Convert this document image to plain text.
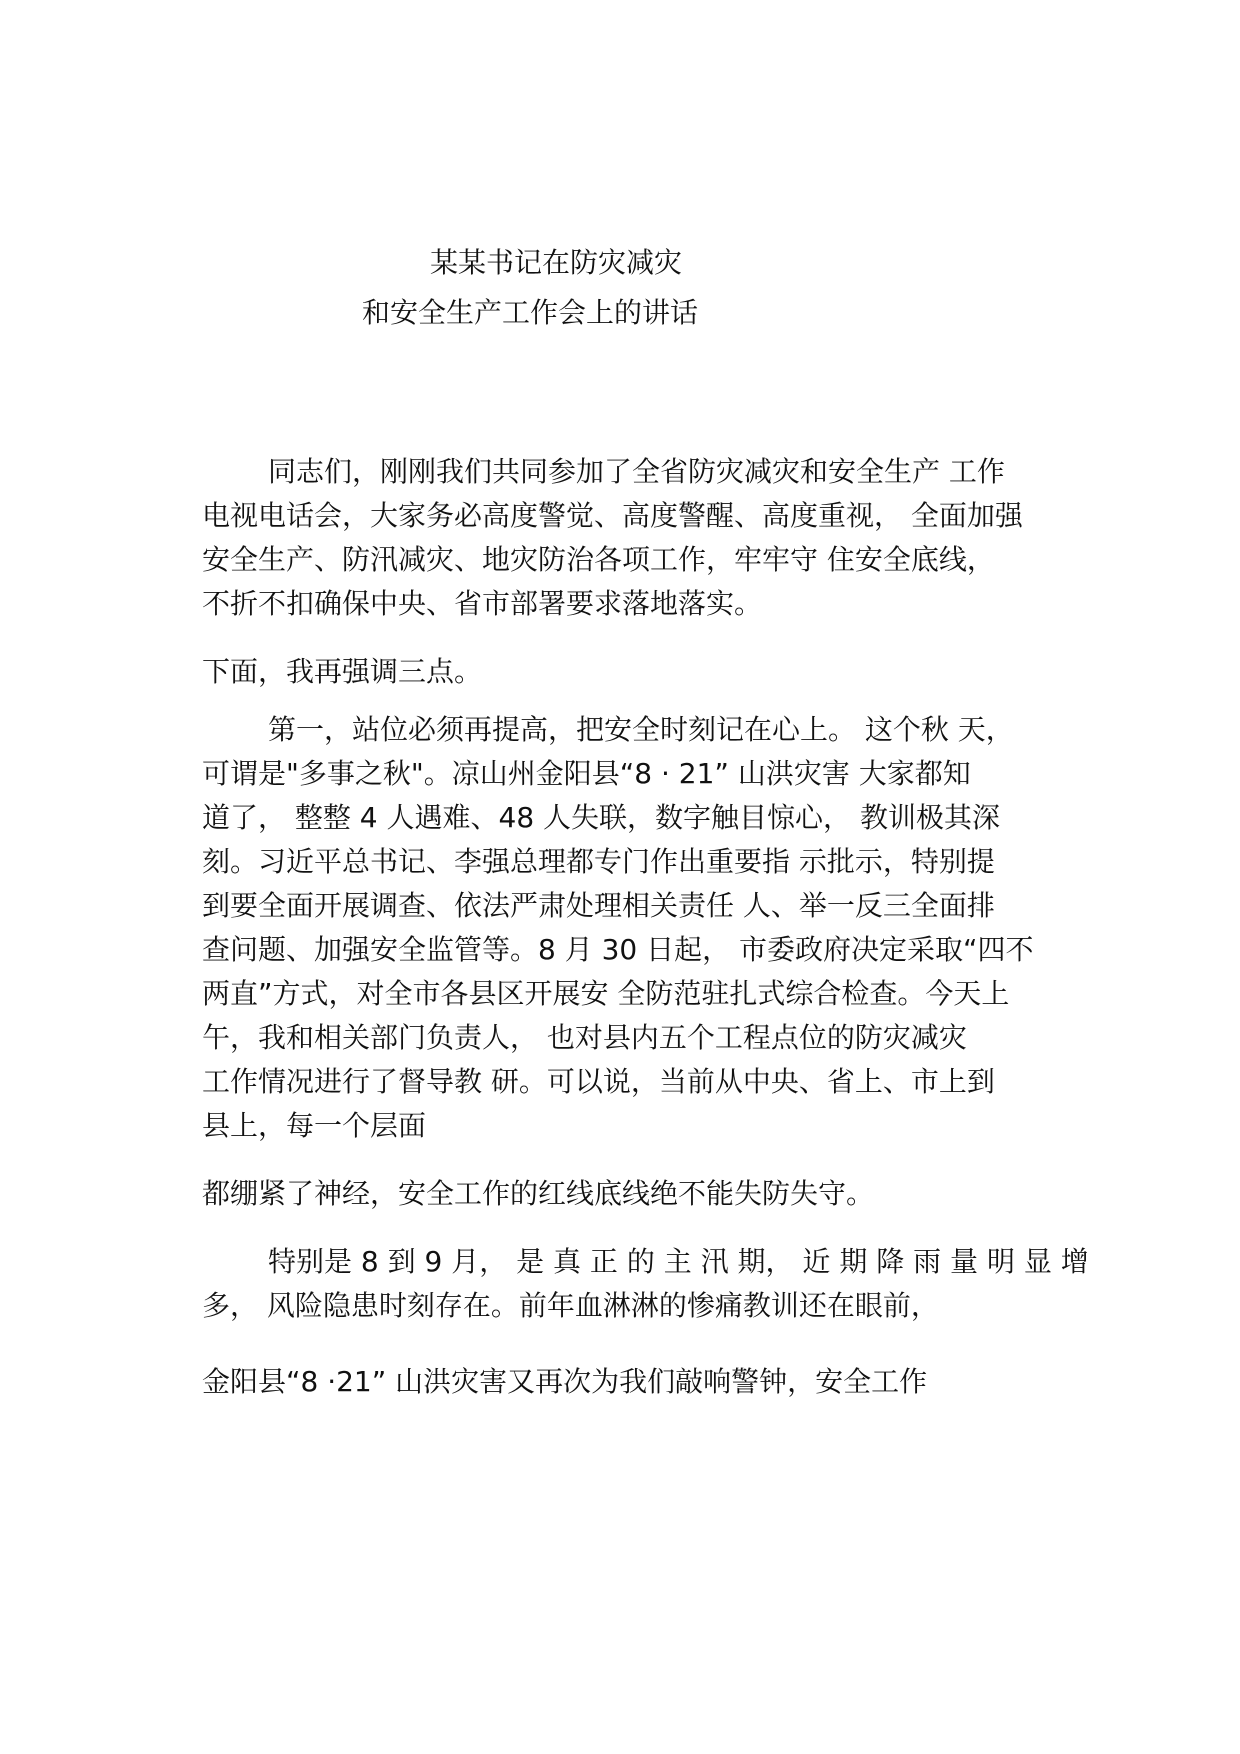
某某书记在防灾减灾
和安全生产工作会上的讲话
同志们，刚刚我们共同参加了全省防灾减灾和安全生产 工作
电视电话会，大家务必高度警觉、高度警醒、高度重视， 全面加强
安全生产、防汛减灾、地灾防治各项工作，牢牢守 住安全底线，
不折不扣确保中央、省市部署要求落地落实。
下面，我再强调三点。
第一，站位必须再提高，把安全时刻记在心上。 这个秋 天，
可谓是"多事之秋"。凉山州金阳县“8 · 21” 山洪灾害 大家都知
道了， 整整 4 人遇难、48 人失联，数字触目惊心， 教训极其深
刻。习近平总书记、李强总理都专门作出重要指 示批示，特别提
到要全面开展调查、依法严肃处理相关责任 人、举一反三全面排
查问题、加强安全监管等。8 月 30 日起， 市委政府决定采取“四不
两直”方式，对全市各县区开展安 全防范驻扎式综合检查。今天上
午，我和相关部门负责人， 也对县内五个工程点位的防灾减灾
工作情况进行了督导教 研。可以说，当前从中央、省上、市上到
县上，每一个层面
都绷紧了神经，安全工作的红线底线绝不能失防失守。
特别是 8 到 9 月， 是 真 正 的 主 汛 期， 近 期 降 雨 量 明 显 增
多， 风险隐患时刻存在。前年血淋淋的惨痛教训还在眼前，
金阳县“8 ·21” 山洪灾害又再次为我们敲响警钟，安全工作
